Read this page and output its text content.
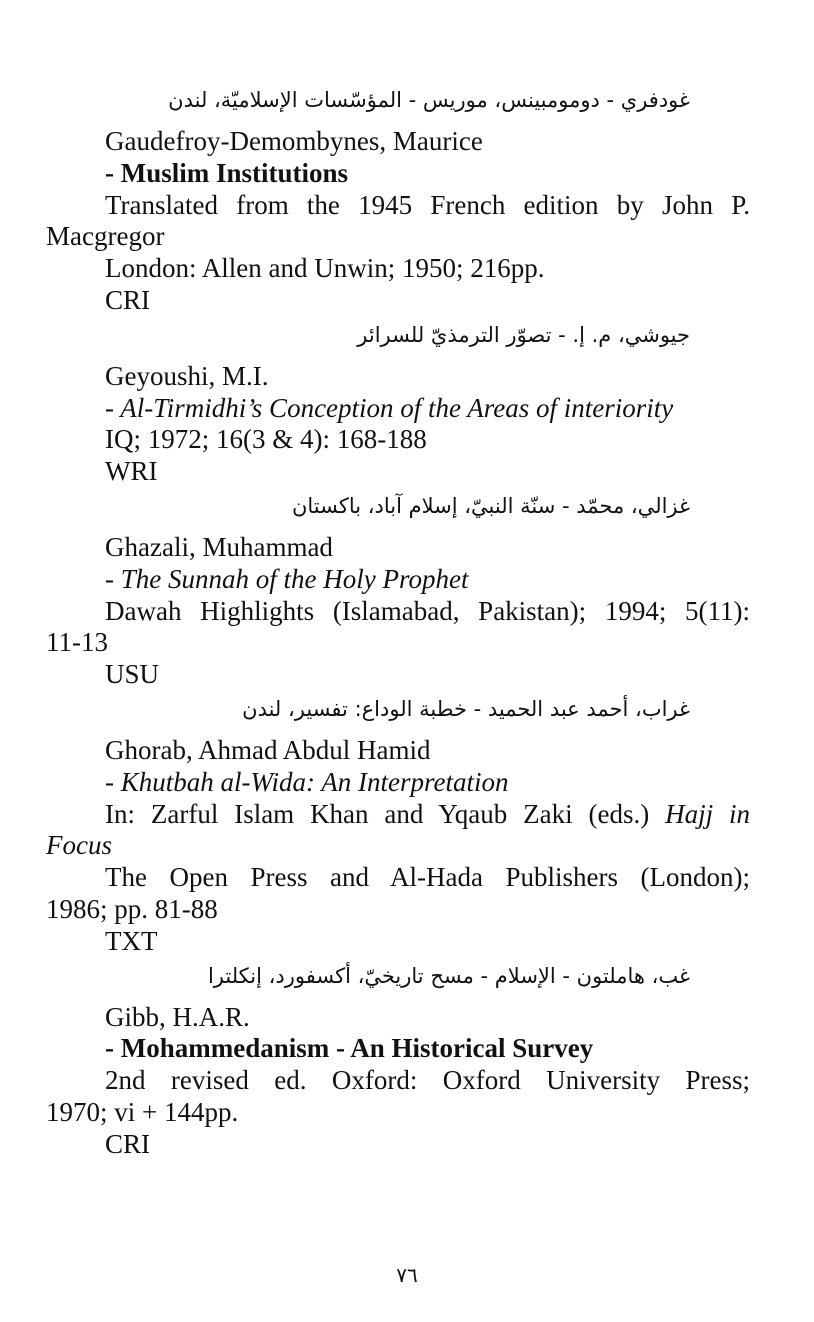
غودفري - دومومبينس، موريس - المؤسّسات الإسلاميّة، لندن

Gaudefroy-Demombynes, Maurice

- Muslim Institutions

Translated from the 1945 French edition by John P.
Macgregor

London: Allen and Unwin; 1950; 216pp.

CRI

جيوشي، م. إ. - تصوّر الترمذيّ للسرائر

Geyoushi, M.I.

- Al-Tirmidhi’s Conception of the Areas of interiority

IQ; 1972; 16(3 & 4): 168-188

WRI

غزالي، محمّد - سنّة النبيّ، إسلام آباد، باكستان

Ghazali, Muhammad

- The Sunnah of the Holy Prophet

Dawah Highlights (Islamabad, Pakistan); 1994; 5(11):
11-13

USU

غراب، أحمد عبد الحميد - خطبة الوداع: تفسير، لندن

Ghorab, Ahmad Abdul Hamid

- Khutbah al-Wida: An Interpretation

In: Zarful Islam Khan and Yqaub Zaki (eds.) Hajj in
Focus

The Open Press and Al-Hada Publishers (London);
1986; pp. 81-88

TXT

غب، هاملتون - الإسلام - مسح تاريخيّ، أكسفورد، إنكلترا

Gibb, H.A.R.

- Mohammedanism - An Historical Survey

2nd revised ed. Oxford: Oxford University Press;
1970; vi + 144pp.

CRI

٧٦
